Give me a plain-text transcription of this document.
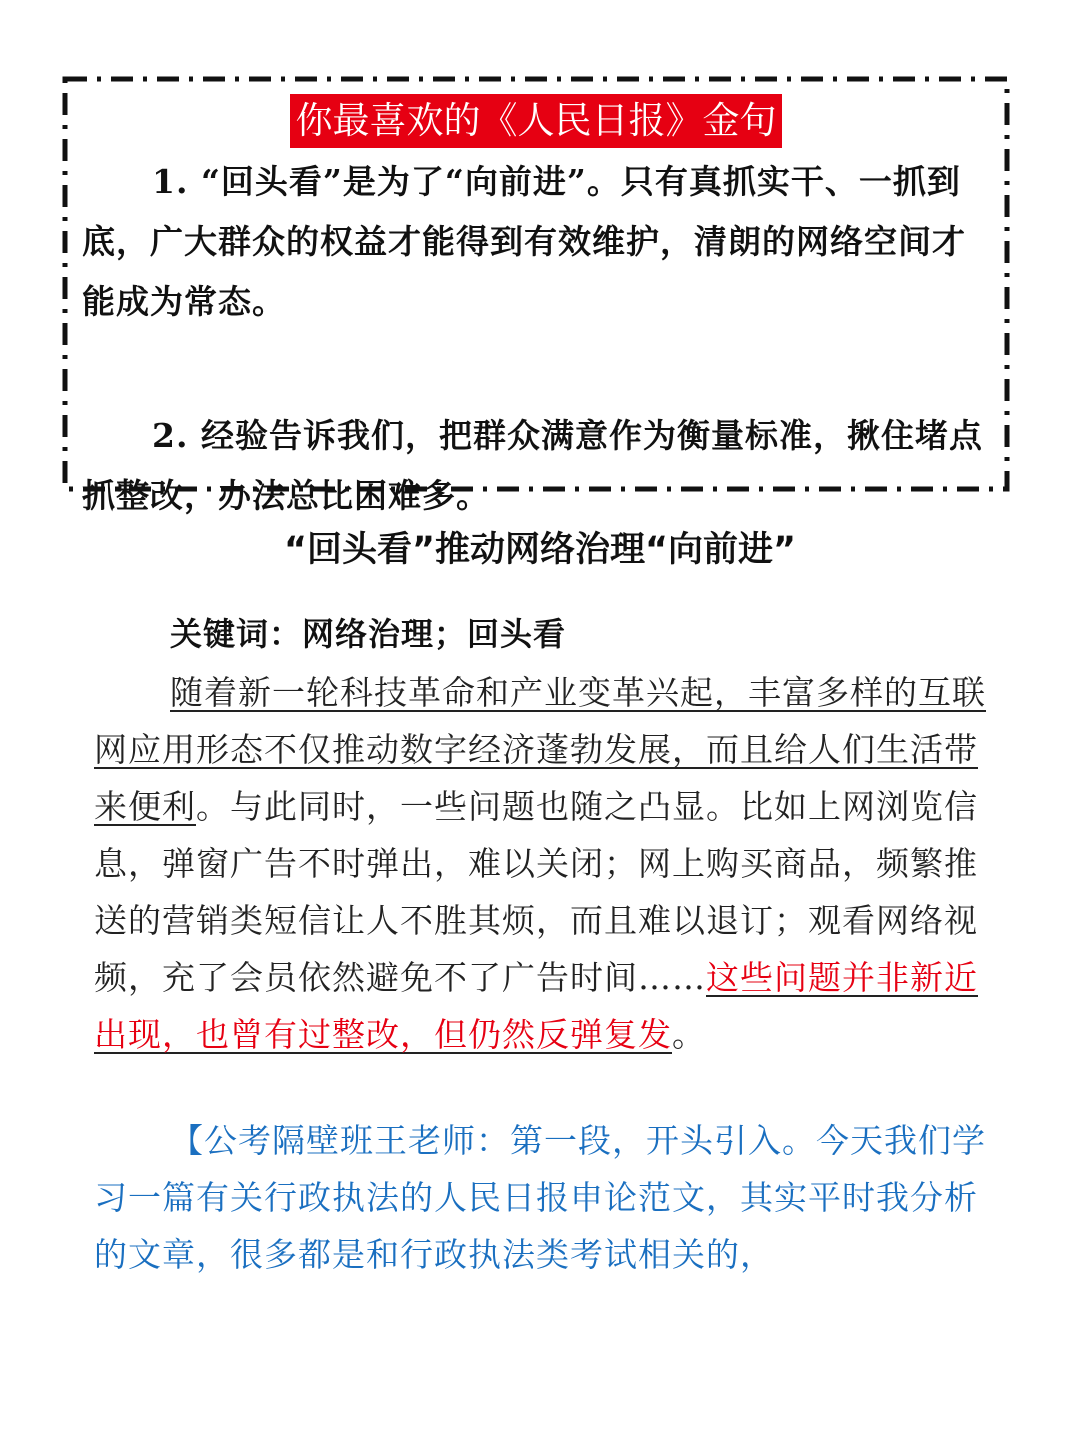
你最喜欢的《人民日报》金句

1. “回头看”是为了“向前进”。只有真抓实干、一抓到底，广大群众的权益才能得到有效维护，清朗的网络空间才能成为常态。

2. 经验告诉我们，把群众满意作为衡量标准，揪住堵点抓整改，办法总比困难多。

“回头看”推动网络治理“向前进”

关键词：网络治理；回头看

随着新一轮科技革命和产业变革兴起，丰富多样的互联网应用形态不仅推动数字经济蓬勃发展，而且给人们生活带来便利。与此同时，一些问题也随之凸显。比如上网浏览信息，弹窗广告不时弹出，难以关闭；网上购买商品，频繁推送的营销类短信让人不胜其烦，而且难以退订；观看网络视频，充了会员依然避免不了广告时间……这些问题并非新近出现，也曾有过整改，但仍然反弹复发。

【公考隔壁班王老师：第一段，开头引入。今天我们学习一篇有关行政执法的人民日报申论范文，其实平时我分析的文章，很多都是和行政执法类考试相关的，
